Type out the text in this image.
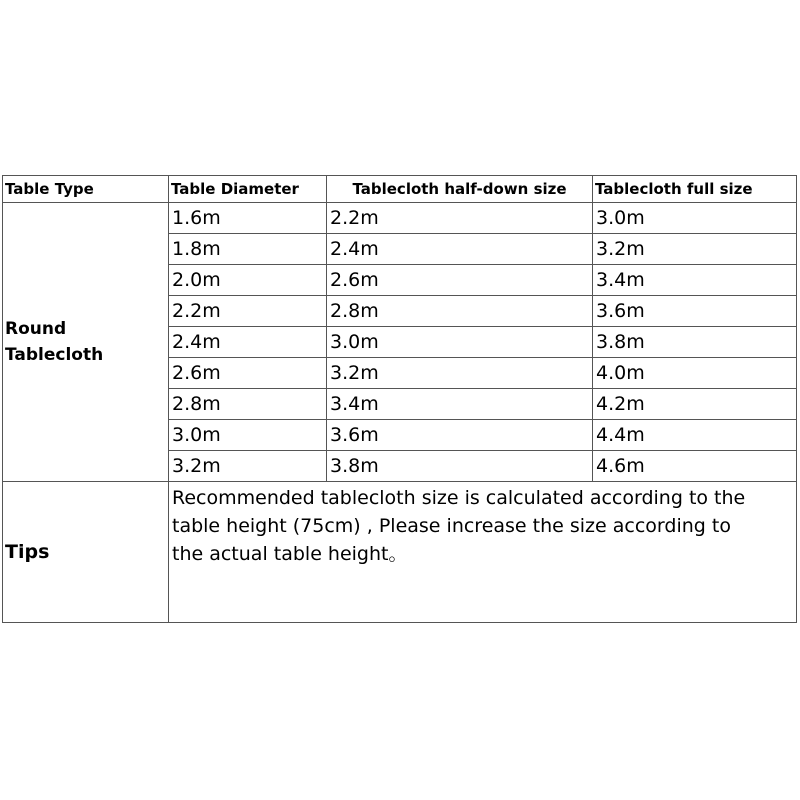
Table Type	Table Diameter	Tablecloth half-down size	Tablecloth full size

Round
Tablecloth	1.6m	2.2m	3.0m
	1.8m	2.4m	3.2m
	2.0m	2.6m	3.4m
	2.2m	2.8m	3.6m
	2.4m	3.0m	3.8m
	2.6m	3.2m	4.0m
	2.8m	3.4m	4.2m
	3.0m	3.6m	4.4m
	3.2m	3.8m	4.6m
Tips	Recommended tablecloth size is calculated according to the
table height (75cm) , Please increase the size according to
the actual table height。		
